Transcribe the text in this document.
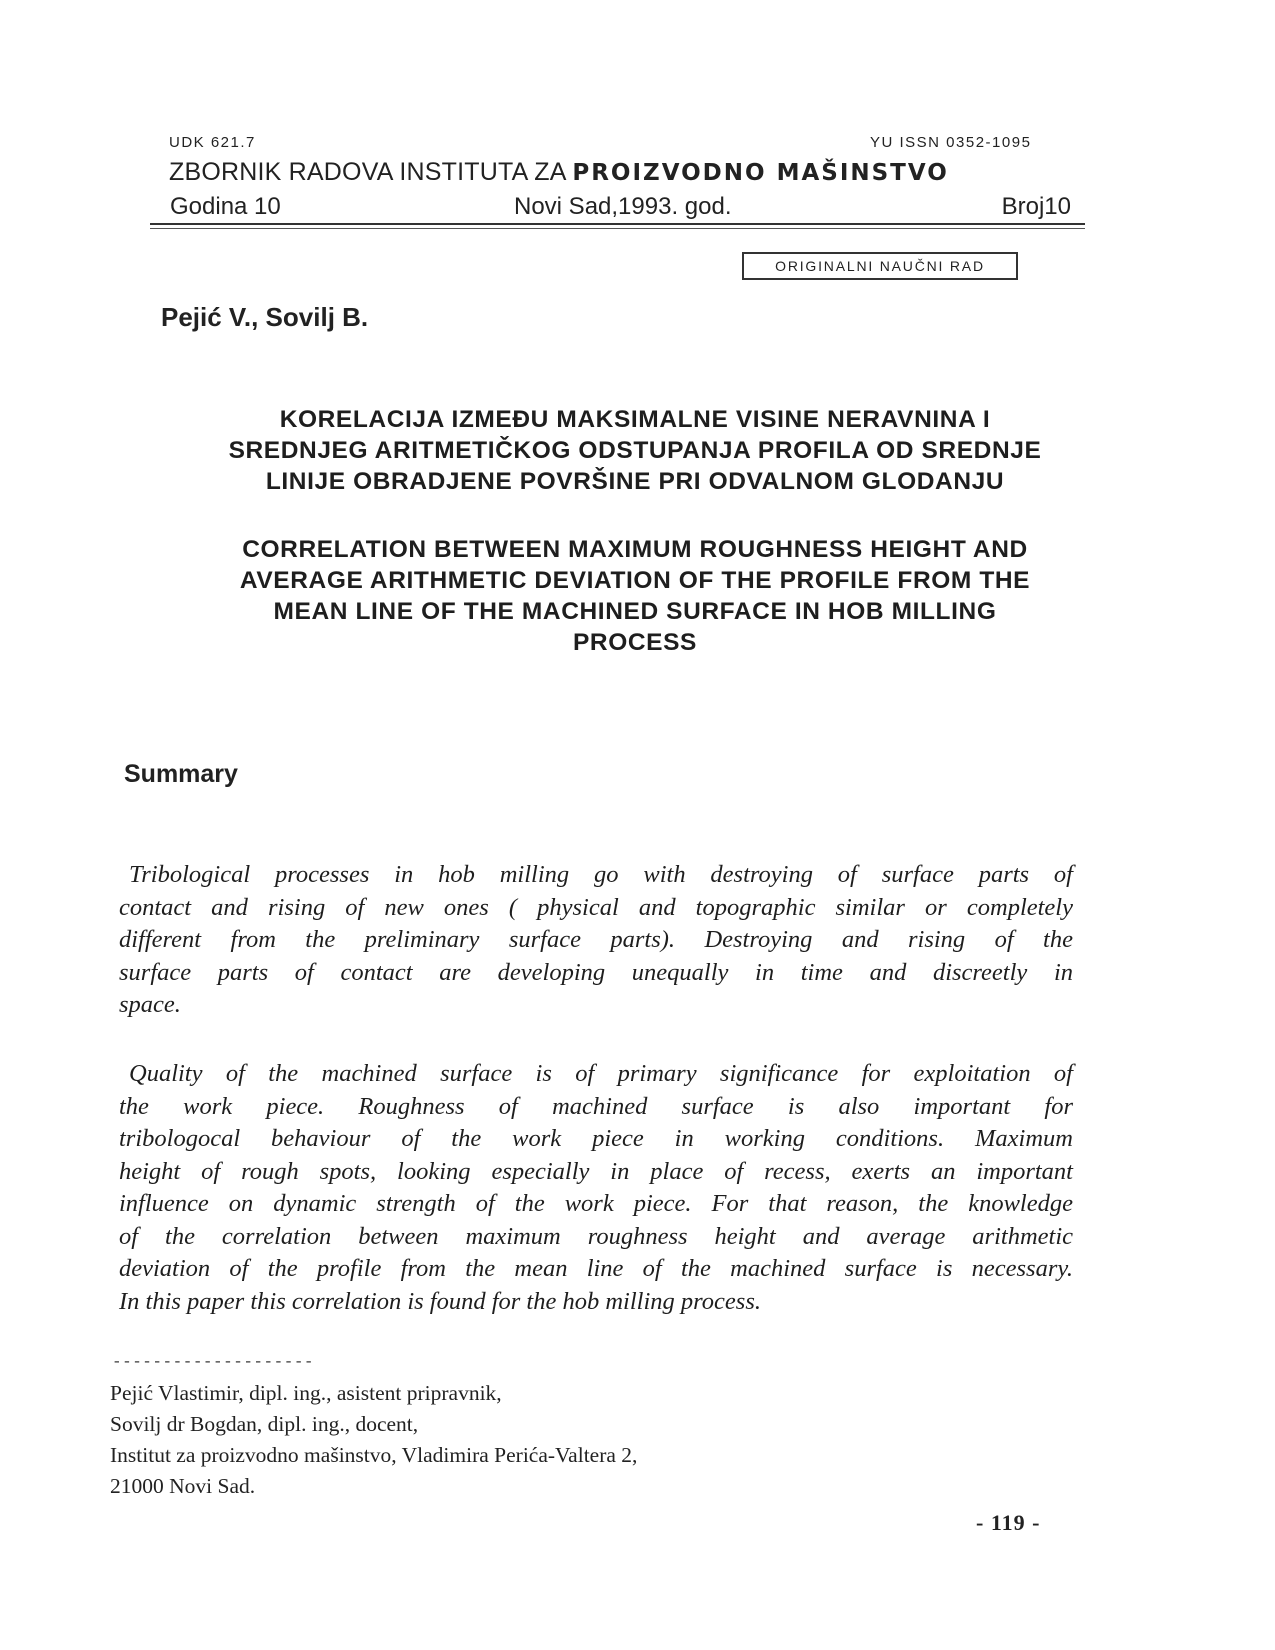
UDK 621.7	YU ISSN 0352-1095
ZBORNIK RADOVA INSTITUTA ZA PROIZVODNO MAŠINSTVO
Godina 10	Novi Sad,1993. god.	Broj10
ORIGINALNI NAUČNI RAD
Pejić V., Sovilj B.
KORELACIJA IZMEĐU MAKSIMALNE VISINE NERAVNINA I
SREDNJEG ARITMETIČKOG ODSTUPANJA PROFILA OD SREDNJE
LINIJE OBRADJENE POVRŠINE PRI ODVALNOM GLODANJU
CORRELATION BETWEEN MAXIMUM ROUGHNESS HEIGHT AND
AVERAGE ARITHMETIC DEVIATION OF THE PROFILE FROM THE
MEAN LINE OF THE MACHINED SURFACE IN HOB MILLING
PROCESS
Summary
Tribological processes in hob milling go with destroying of surface parts of
contact and rising of new ones ( physical and topographic similar or completely
different from the preliminary surface parts). Destroying and rising of the
surface parts of contact are developing unequally in time and discreetly in
space.
Quality of the machined surface is of primary significance for exploitation of
the work piece. Roughness of machined surface is also important for
tribologocal behaviour of the work piece in working conditions. Maximum
height of rough spots, looking especially in place of recess, exerts an important
influence on dynamic strength of the work piece. For that reason, the knowledge
of the correlation between maximum roughness height and average arithmetic
deviation of the profile from the mean line of the machined surface is necessary.
In this paper this correlation is found for the hob milling process.
--------------------
Pejić Vlastimir, dipl. ing., asistent pripravnik,
Sovilj dr Bogdan, dipl. ing., docent,
Institut za proizvodno mašinstvo, Vladimira Perića-Valtera 2,
21000 Novi Sad.
- 119 -
